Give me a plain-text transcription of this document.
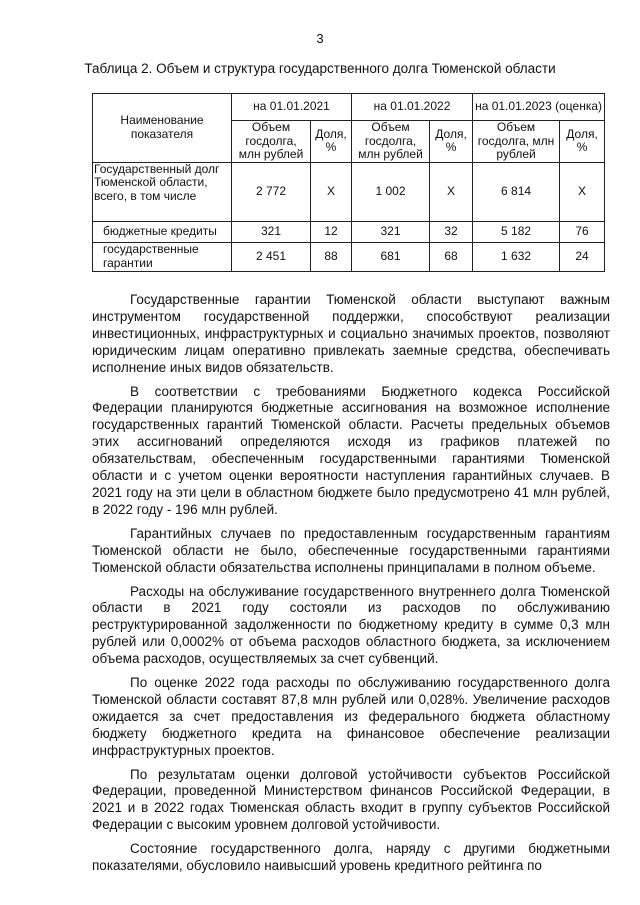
3
Таблица 2. Объем и структура государственного долга Тюменской области
Наименование показателя	на 01.01.2021		на 01.01.2022		на 01.01.2023 (оценка)	
	Объем госдолга, млн рублей	Доля, %	Объем госдолга, млн рублей	Доля, %	Объем госдолга, млн рублей	Доля, %
Государственный долг Тюменской области, всего, в том числе	2 772	X	1 002	X	6 814	X
бюджетные кредиты	321	12	321	32	5 182	76
государственные гарантии	2 451	88	681	68	1 632	24

Государственные гарантии Тюменской области выступают важным инструментом государственной поддержки, способствуют реализации инвестиционных, инфраструктурных и социально значимых проектов, позволяют юридическим лицам оперативно привлекать заемные средства, обеспечивать исполнение иных видов обязательств.

В соответствии с требованиями Бюджетного кодекса Российской Федерации планируются бюджетные ассигнования на возможное исполнение государственных гарантий Тюменской области. Расчеты предельных объемов этих ассигнований определяются исходя из графиков платежей по обязательствам, обеспеченным государственными гарантиями Тюменской области и с учетом оценки вероятности наступления гарантийных случаев. В 2021 году на эти цели в областном бюджете было предусмотрено 41 млн рублей, в 2022 году - 196 млн рублей.

Гарантийных случаев по предоставленным государственным гарантиям Тюменской области не было, обеспеченные государственными гарантиями Тюменской области обязательства исполнены принципалами в полном объеме.

Расходы на обслуживание государственного внутреннего долга Тюменской области в 2021 году состояли из расходов по обслуживанию реструктурированной задолженности по бюджетному кредиту в сумме 0,3 млн рублей или 0,0002% от объема расходов областного бюджета, за исключением объема расходов, осуществляемых за счет субвенций.

По оценке 2022 года расходы по обслуживанию государственного долга Тюменской области составят 87,8 млн рублей или 0,028%. Увеличение расходов ожидается за счет предоставления из федерального бюджета областному бюджету бюджетного кредита на финансовое обеспечение реализации инфраструктурных проектов.

По результатам оценки долговой устойчивости субъектов Российской Федерации, проведенной Министерством финансов Российской Федерации, в 2021 и в 2022 годах Тюменская область входит в группу субъектов Российской Федерации с высоким уровнем долговой устойчивости.

Состояние государственного долга, наряду с другими бюджетными показателями, обусловило наивысший уровень кредитного рейтинга по
